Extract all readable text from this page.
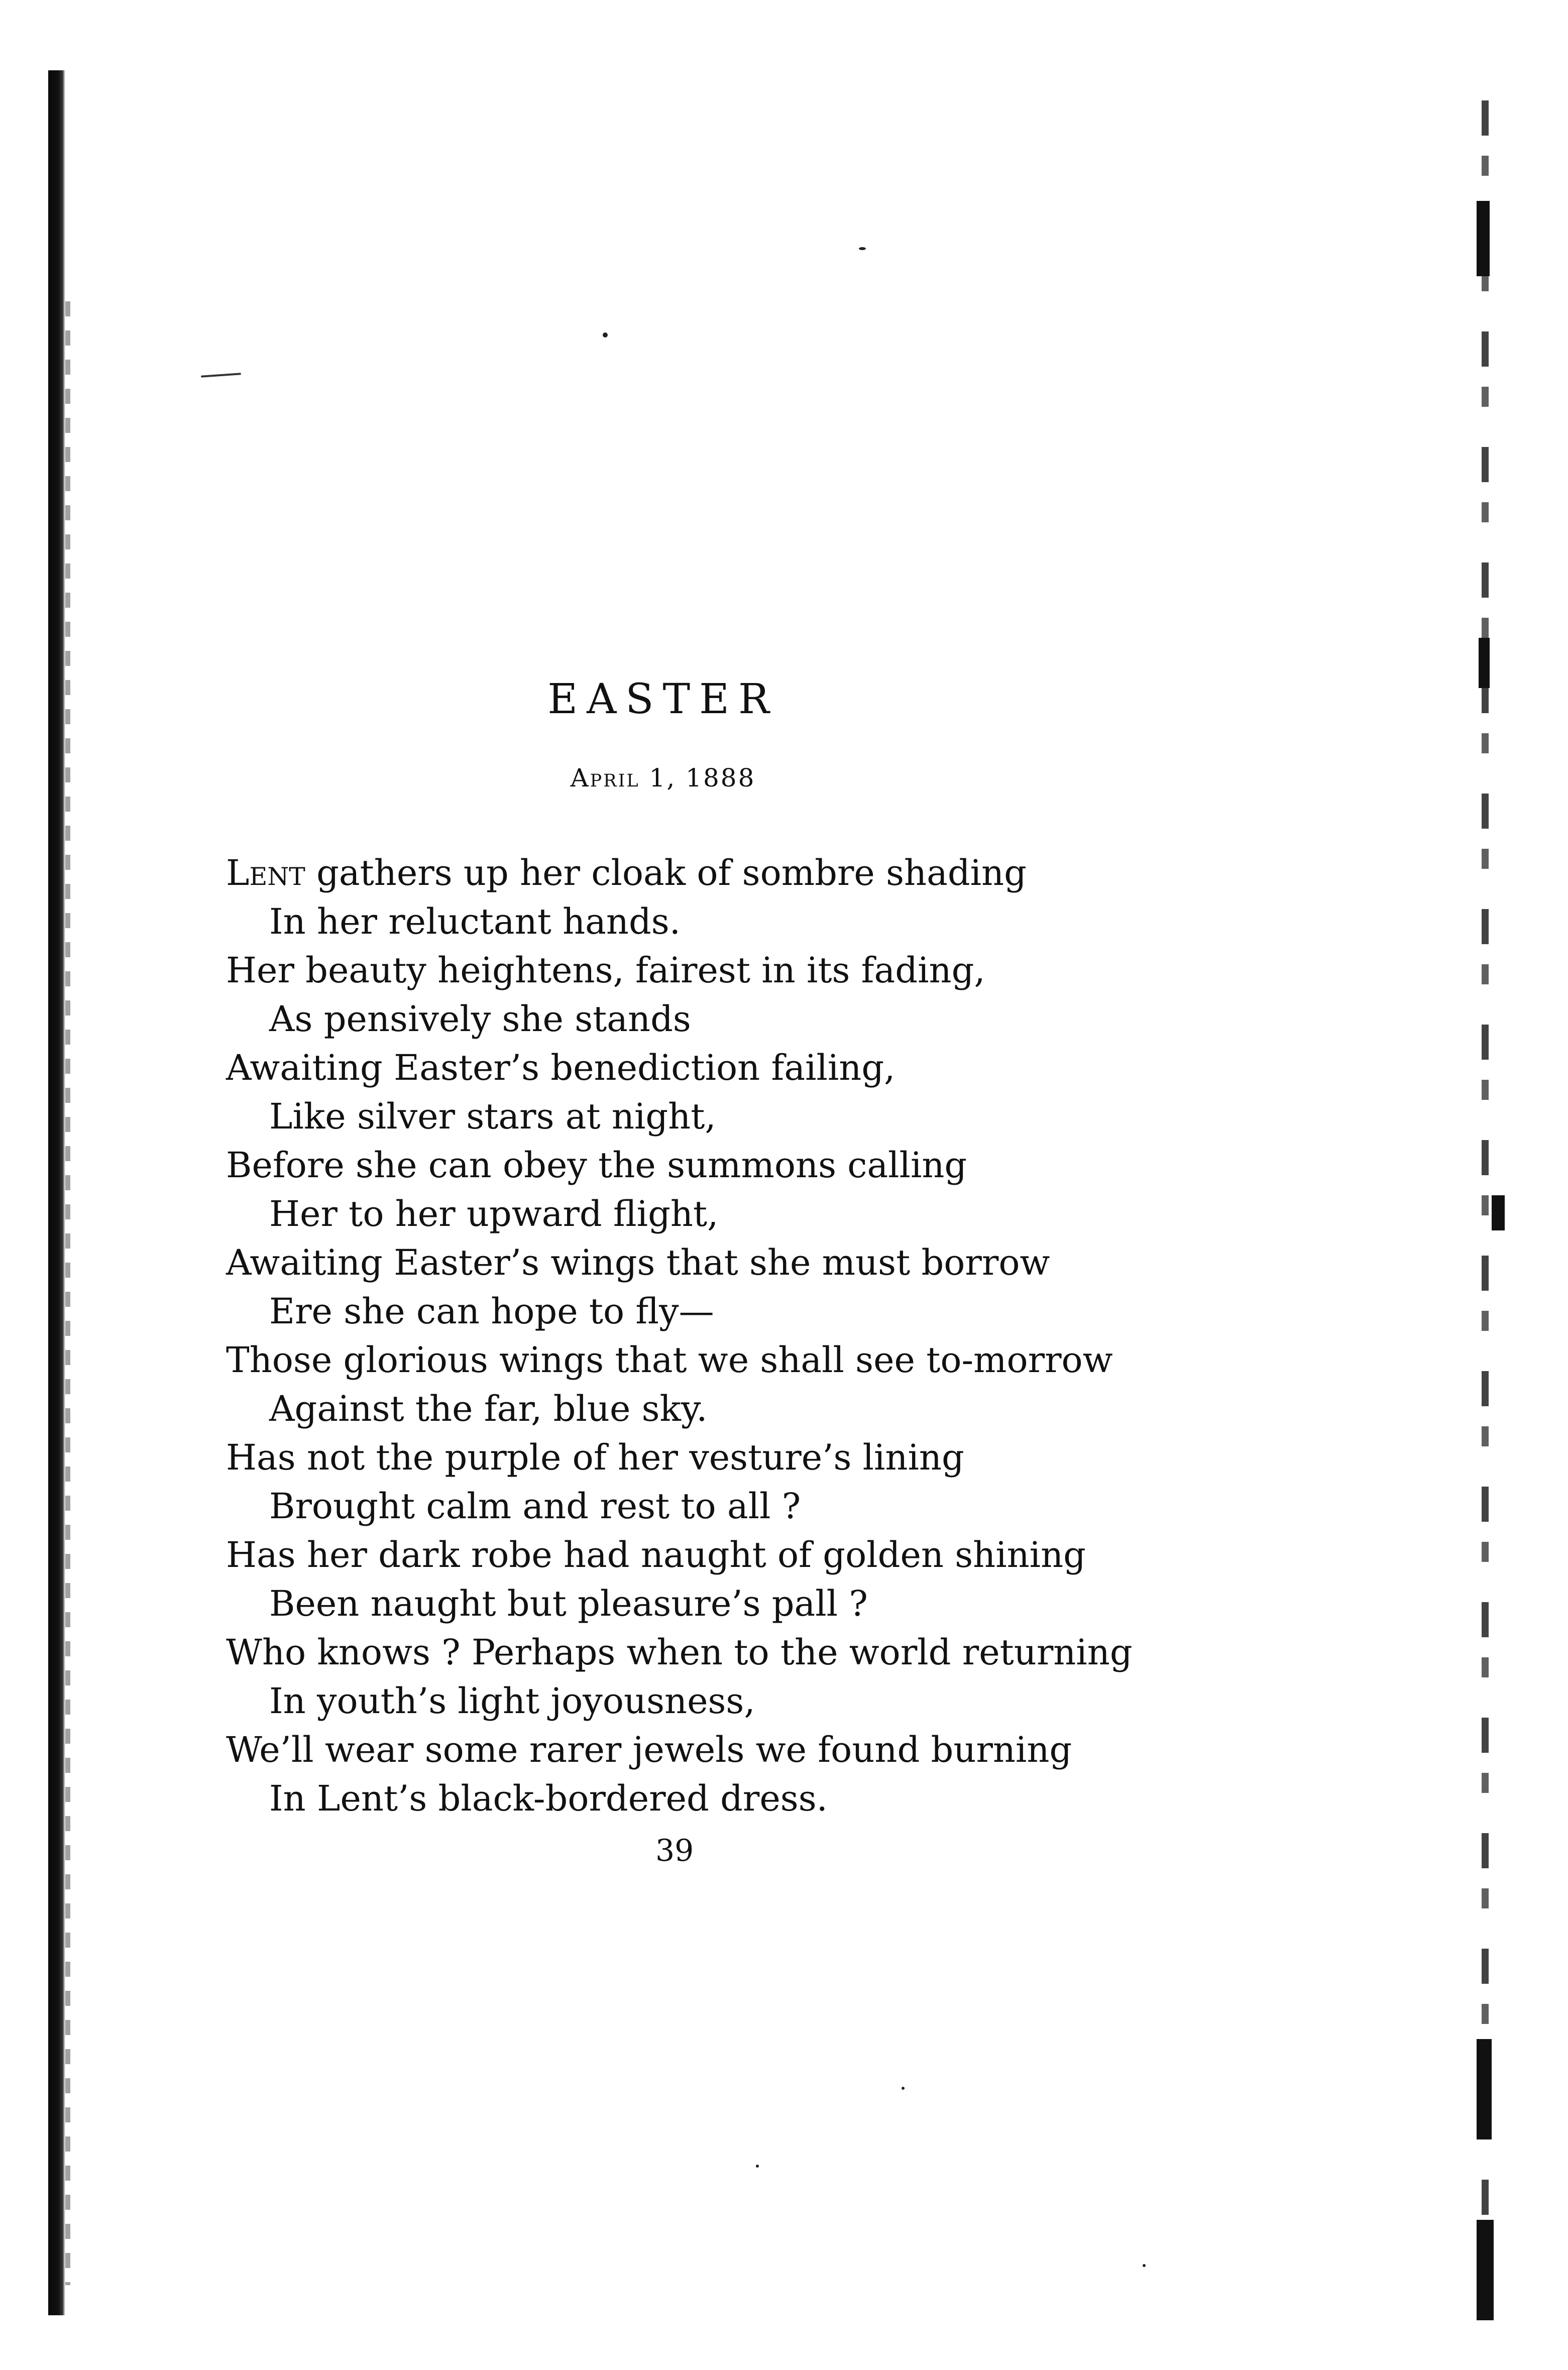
EASTER
April 1, 1888
Lent gathers up her cloak of sombre shading
In her reluctant hands.
Her beauty heightens, fairest in its fading,
As pensively she stands
Awaiting Easter’s benediction failing,
Like silver stars at night,
Before she can obey the summons calling
Her to her upward flight,
Awaiting Easter’s wings that she must borrow
Ere she can hope to fly—
Those glorious wings that we shall see to-morrow
Against the far, blue sky.
Has not the purple of her vesture’s lining
Brought calm and rest to all ?
Has her dark robe had naught of golden shining
Been naught but pleasure’s pall ?
Who knows ? Perhaps when to the world returning
In youth’s light joyousness,
We’ll wear some rarer jewels we found burning
In Lent’s black-bordered dress.
39
